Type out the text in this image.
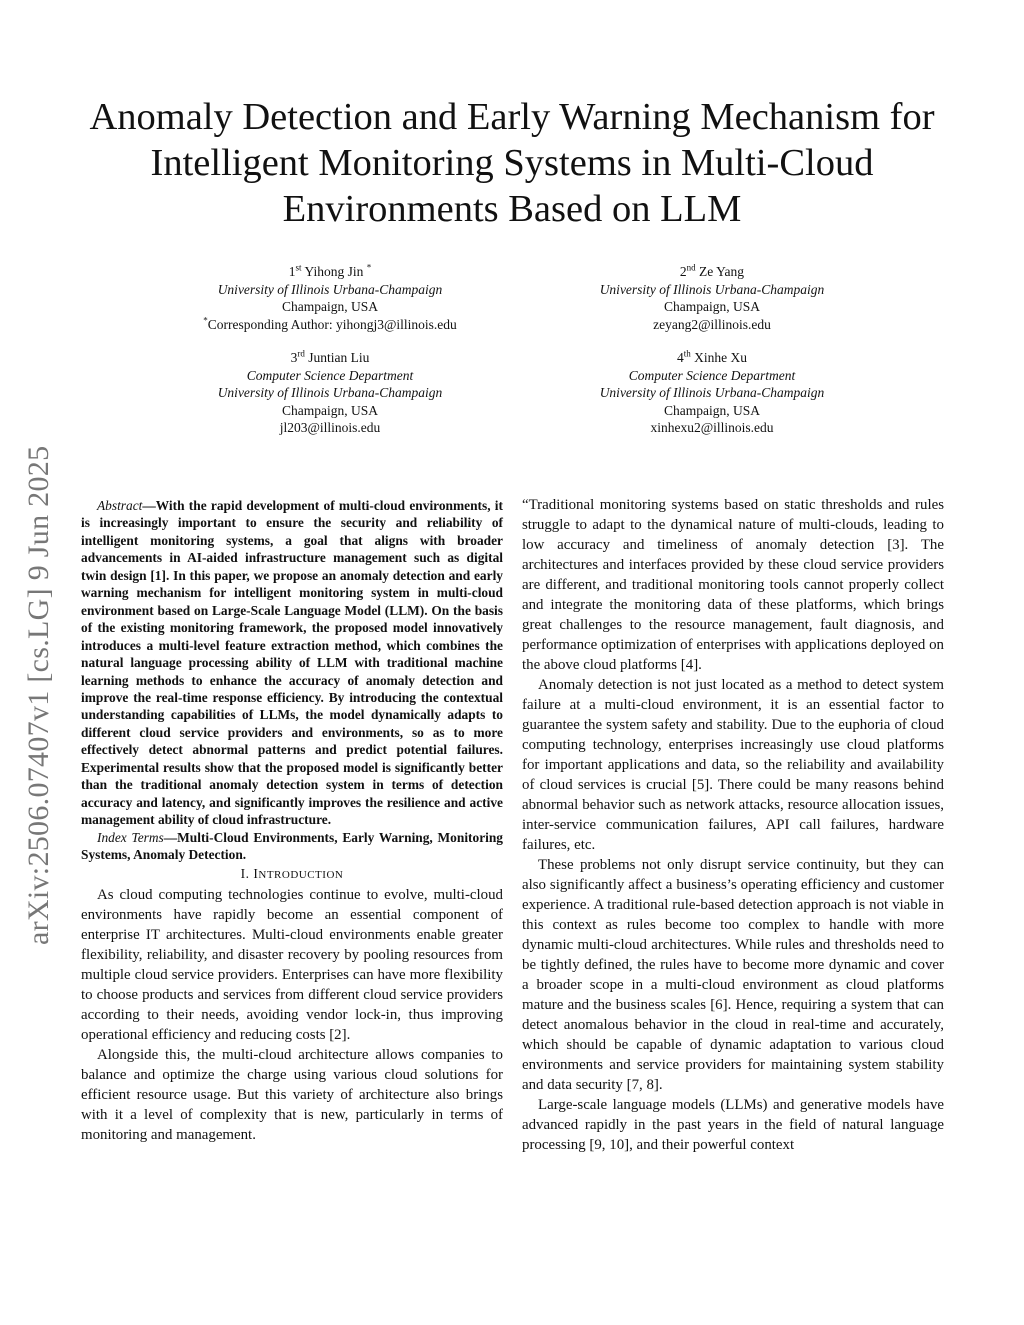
arXiv:2506.07407v1 [cs.LG] 9 Jun 2025
Anomaly Detection and Early Warning Mechanism for Intelligent Monitoring Systems in Multi-Cloud Environments Based on LLM
1st Yihong Jin *
University of Illinois Urbana-Champaign
Champaign, USA
*Corresponding Author: yihongj3@illinois.edu
2nd Ze Yang
University of Illinois Urbana-Champaign
Champaign, USA
zeyang2@illinois.edu
3rd Juntian Liu
Computer Science Department
University of Illinois Urbana-Champaign
Champaign, USA
jl203@illinois.edu
4th Xinhe Xu
Computer Science Department
University of Illinois Urbana-Champaign
Champaign, USA
xinhexu2@illinois.edu

Abstract—With the rapid development of multi-cloud environments, it is increasingly important to ensure the security and reliability of intelligent monitoring systems, a goal that aligns with broader advancements in AI-aided infrastructure management such as digital twin design [1]. In this paper, we propose an anomaly detection and early warning mechanism for intelligent monitoring system in multi-cloud environment based on Large-Scale Language Model (LLM). On the basis of the existing monitoring framework, the proposed model innovatively introduces a multi-level feature extraction method, which combines the natural language processing ability of LLM with traditional machine learning methods to enhance the accuracy of anomaly detection and improve the real-time response efficiency. By introducing the contextual understanding capabilities of LLMs, the model dynamically adapts to different cloud service providers and environments, so as to more effectively detect abnormal patterns and predict potential failures. Experimental results show that the proposed model is significantly better than the traditional anomaly detection system in terms of detection accuracy and latency, and significantly improves the resilience and active management ability of cloud infrastructure.

Index Terms—Multi-Cloud Environments, Early Warning, Monitoring Systems, Anomaly Detection.

I. INTRODUCTION

As cloud computing technologies continue to evolve, multi-cloud environments have rapidly become an essential component of enterprise IT architectures. Multi-cloud environments enable greater flexibility, reliability, and disaster recovery by pooling resources from multiple cloud service providers. Enterprises can have more flexibility to choose products and services from different cloud service providers according to their needs, avoiding vendor lock-in, thus improving operational efficiency and reducing costs [2].

Alongside this, the multi-cloud architecture allows companies to balance and optimize the charge using various cloud solutions for efficient resource usage. But this variety of architecture also brings with it a level of complexity that is new, particularly in terms of monitoring and management.

“Traditional monitoring systems based on static thresholds and rules struggle to adapt to the dynamical nature of multi-clouds, leading to low accuracy and timeliness of anomaly detection [3]. The architectures and interfaces provided by these cloud service providers are different, and traditional monitoring tools cannot properly collect and integrate the monitoring data of these platforms, which brings great challenges to the resource management, fault diagnosis, and performance optimization of enterprises with applications deployed on the above cloud platforms [4].

Anomaly detection is not just located as a method to detect system failure at a multi-cloud environment, it is an essential factor to guarantee the system safety and stability. Due to the euphoria of cloud computing technology, enterprises increasingly use cloud platforms for important applications and data, so the reliability and availability of cloud services is crucial [5]. There could be many reasons behind abnormal behavior such as network attacks, resource allocation issues, inter-service communication failures, API call failures, hardware failures, etc.

These problems not only disrupt service continuity, but they can also significantly affect a business’s operating efficiency and customer experience. A traditional rule-based detection approach is not viable in this context as rules become too complex to handle with more dynamic multi-cloud architectures. While rules and thresholds need to be tightly defined, the rules have to become more dynamic and cover a broader scope in a multi-cloud environment as cloud platforms mature and the business scales [6]. Hence, requiring a system that can detect anomalous behavior in the cloud in real-time and accurately, which should be capable of dynamic adaptation to various cloud environments and service providers for maintaining system stability and data security [7, 8].

Large-scale language models (LLMs) and generative models have advanced rapidly in the past years in the field of natural language processing [9, 10], and their powerful context
